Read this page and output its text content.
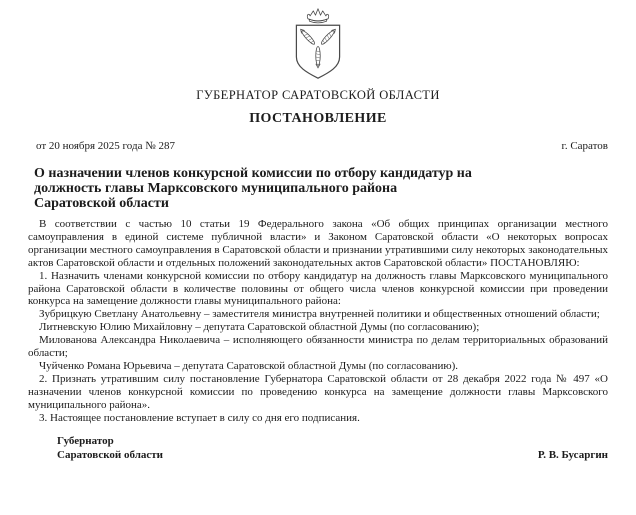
ГУБЕРНАТОР САРАТОВСКОЙ ОБЛАСТИ
ПОСТАНОВЛЕНИЕ
от 20 ноября 2025 года № 287	г. Саратов
О назначении членов конкурсной комиссии по отбору кандидатур на должность главы Марксовского муниципального района Саратовской области

В соответствии с частью 10 статьи 19 Федерального закона «Об общих принципах организации местного самоуправления в единой системе публичной власти» и Законом Саратовской области «О некоторых вопросах организации местного самоуправления в Саратовской области и признании утратившими силу некоторых законодательных актов Саратовской области и отдельных положений законодательных актов Саратовской области» ПОСТАНОВЛЯЮ:

1. Назначить членами конкурсной комиссии по отбору кандидатур на должность главы Марксовского муниципального района Саратовской области в количестве половины от общего числа членов конкурсной комиссии при проведении конкурса на замещение должности главы муниципального района:

Зубрицкую Светлану Анатольевну – заместителя министра внутренней политики и общественных отношений области;

Литневскую Юлию Михайловну – депутата Саратовской областной Думы (по согласованию);

Милованова Александра Николаевича – исполняющего обязанности министра по делам территориальных образований области;

Чуйченко Романа Юрьевича – депутата Саратовской областной Думы (по согласованию).

2. Признать утратившим силу постановление Губернатора Саратовской области от 28 декабря 2022 года № 497 «О назначении членов конкурсной комиссии по проведению конкурса на замещение должности главы Марксовского муниципального района».

3. Настоящее постановление вступает в силу со дня его подписания.

Губернатор
Саратовской области	Р. В. Бусаргин
